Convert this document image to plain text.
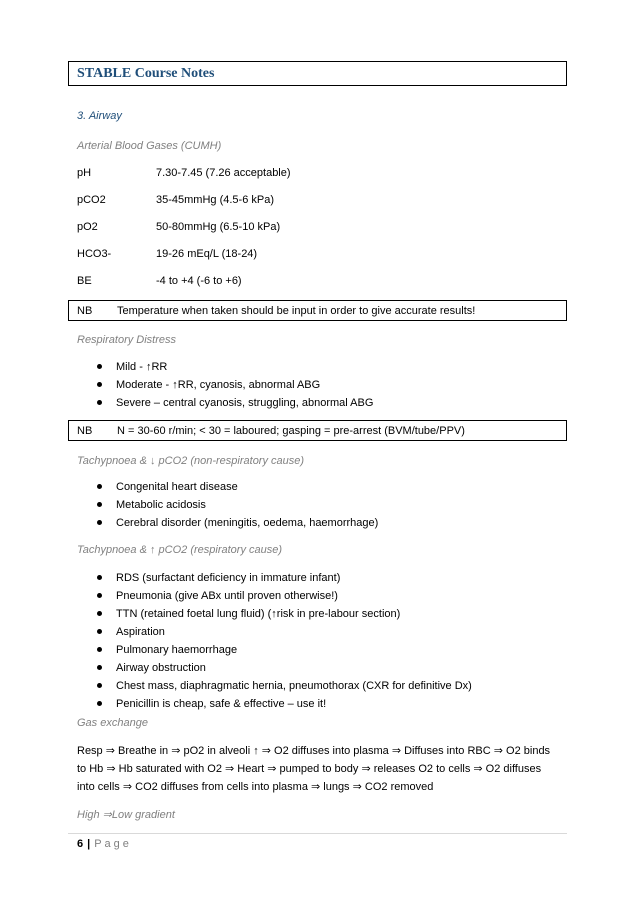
STABLE Course Notes
3. Airway
Arterial Blood Gases (CUMH)
pH	7.30-7.45 (7.26 acceptable)
pCO2	35-45mmHg (4.5-6 kPa)
pO2	50-80mmHg (6.5-10 kPa)
HCO3-	19-26 mEq/L (18-24)
BE	-4 to +4 (-6 to +6)
NB Temperature when taken should be input in order to give accurate results!
Respiratory Distress
Mild - ↑RR
Moderate - ↑RR, cyanosis, abnormal ABG
Severe – central cyanosis, struggling, abnormal ABG
NB N = 30-60 r/min; < 30 = laboured; gasping = pre-arrest (BVM/tube/PPV)
Tachypnoea & ↓ pCO2 (non-respiratory cause)
Congenital heart disease
Metabolic acidosis
Cerebral disorder (meningitis, oedema, haemorrhage)
Tachypnoea & ↑ pCO2 (respiratory cause)
RDS (surfactant deficiency in immature infant)
Pneumonia (give ABx until proven otherwise!)
TTN (retained foetal lung fluid) (↑risk in pre-labour section)
Aspiration
Pulmonary haemorrhage
Airway obstruction
Chest mass, diaphragmatic hernia, pneumothorax (CXR for definitive Dx)
Penicillin is cheap, safe & effective – use it!
Gas exchange
Resp ⇒ Breathe in ⇒ pO2 in alveoli ↑ ⇒ O2 diffuses into plasma ⇒ Diffuses into RBC ⇒ O2 binds
to Hb ⇒ Hb saturated with O2 ⇒ Heart ⇒ pumped to body ⇒ releases O2 to cells ⇒ O2 diffuses
into cells ⇒ CO2 diffuses from cells into plasma ⇒ lungs ⇒ CO2 removed
High ⇒Low gradient
6 | Page
